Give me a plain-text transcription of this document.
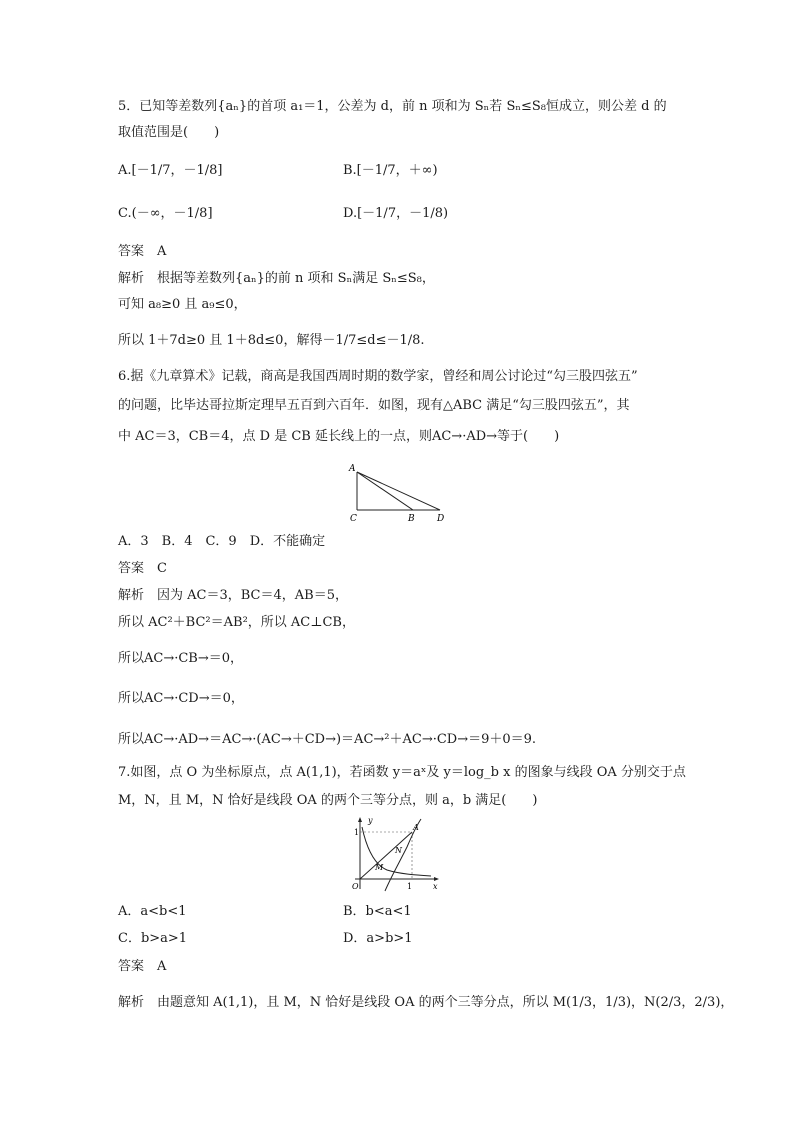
5．已知等差数列{aₙ}的首项 a₁＝1，公差为 d，前 n 项和为 Sₙ若 Sₙ≤S₈恒成立，则公差 d 的
取值范围是(　　)
A.[－1/7，－1/8]	B.[－1/7，＋∞)
C.(－∞，－1/8]	D.[－1/7，－1/8)
答案　A
解析　根据等差数列{aₙ}的前 n 项和 Sₙ满足 Sₙ≤S₈，
可知 a₈≥0 且 a₉≤0，
所以 1＋7d≥0 且 1＋8d≤0，解得－1/7≤d≤－1/8.
6.据《九章算术》记载，商高是我国西周时期的数学家，曾经和周公讨论过“勾三股四弦五”
的问题，比毕达哥拉斯定理早五百到六百年．如图，现有△ABC 满足“勾三股四弦五”，其
中 AC＝3，CB＝4，点 D 是 CB 延长线上的一点，则AC→·AD→等于(　　)
A
C	B D
A．3　B．4　C．9　D．不能确定
答案　C
解析　因为 AC＝3，BC＝4，AB＝5，
所以 AC²＋BC²＝AB²，所以 AC⊥CB，
所以AC→·CB→＝0，
所以AC→·CD→＝0，
所以AC→·AD→＝AC→·(AC→＋CD→)＝AC→²＋AC→·CD→＝9＋0＝9.
7.如图，点 O 为坐标原点，点 A(1,1)，若函数 y＝aˣ及 y＝log_b x 的图象与线段 OA 分别交于点
M，N，且 M，N 恰好是线段 OA 的两个三等分点，则 a，b 满足(　　)
y
x
O
A
M
N
1
1
A．a<b<1	B．b<a<1
C．b>a>1	D．a>b>1
答案　A
解析　由题意知 A(1,1)，且 M，N 恰好是线段 OA 的两个三等分点，所以 M(1/3，1/3)，N(2/3，2/3)，
